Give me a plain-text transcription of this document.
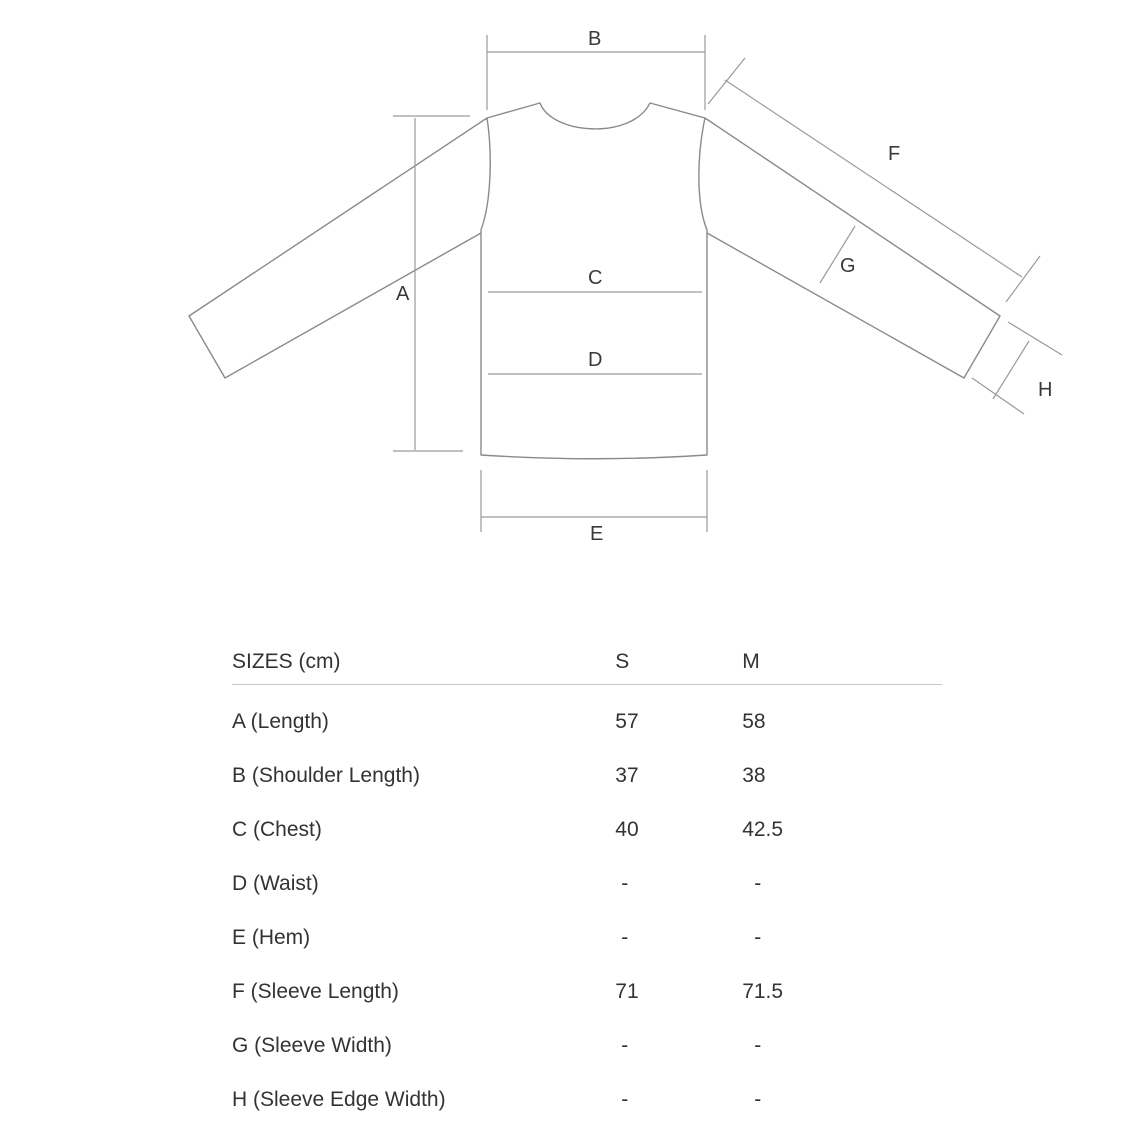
B
A
C
D
E
F
G
H
SIZES (cm)	S	M
A (Length)	57	58
B (Shoulder Length)	37	38
C (Chest)	40	42.5
D (Waist)	-	-
E (Hem)	-	-
F (Sleeve Length)	71	71.5
G (Sleeve Width)	-	-
H (Sleeve Edge Width)	-	-
